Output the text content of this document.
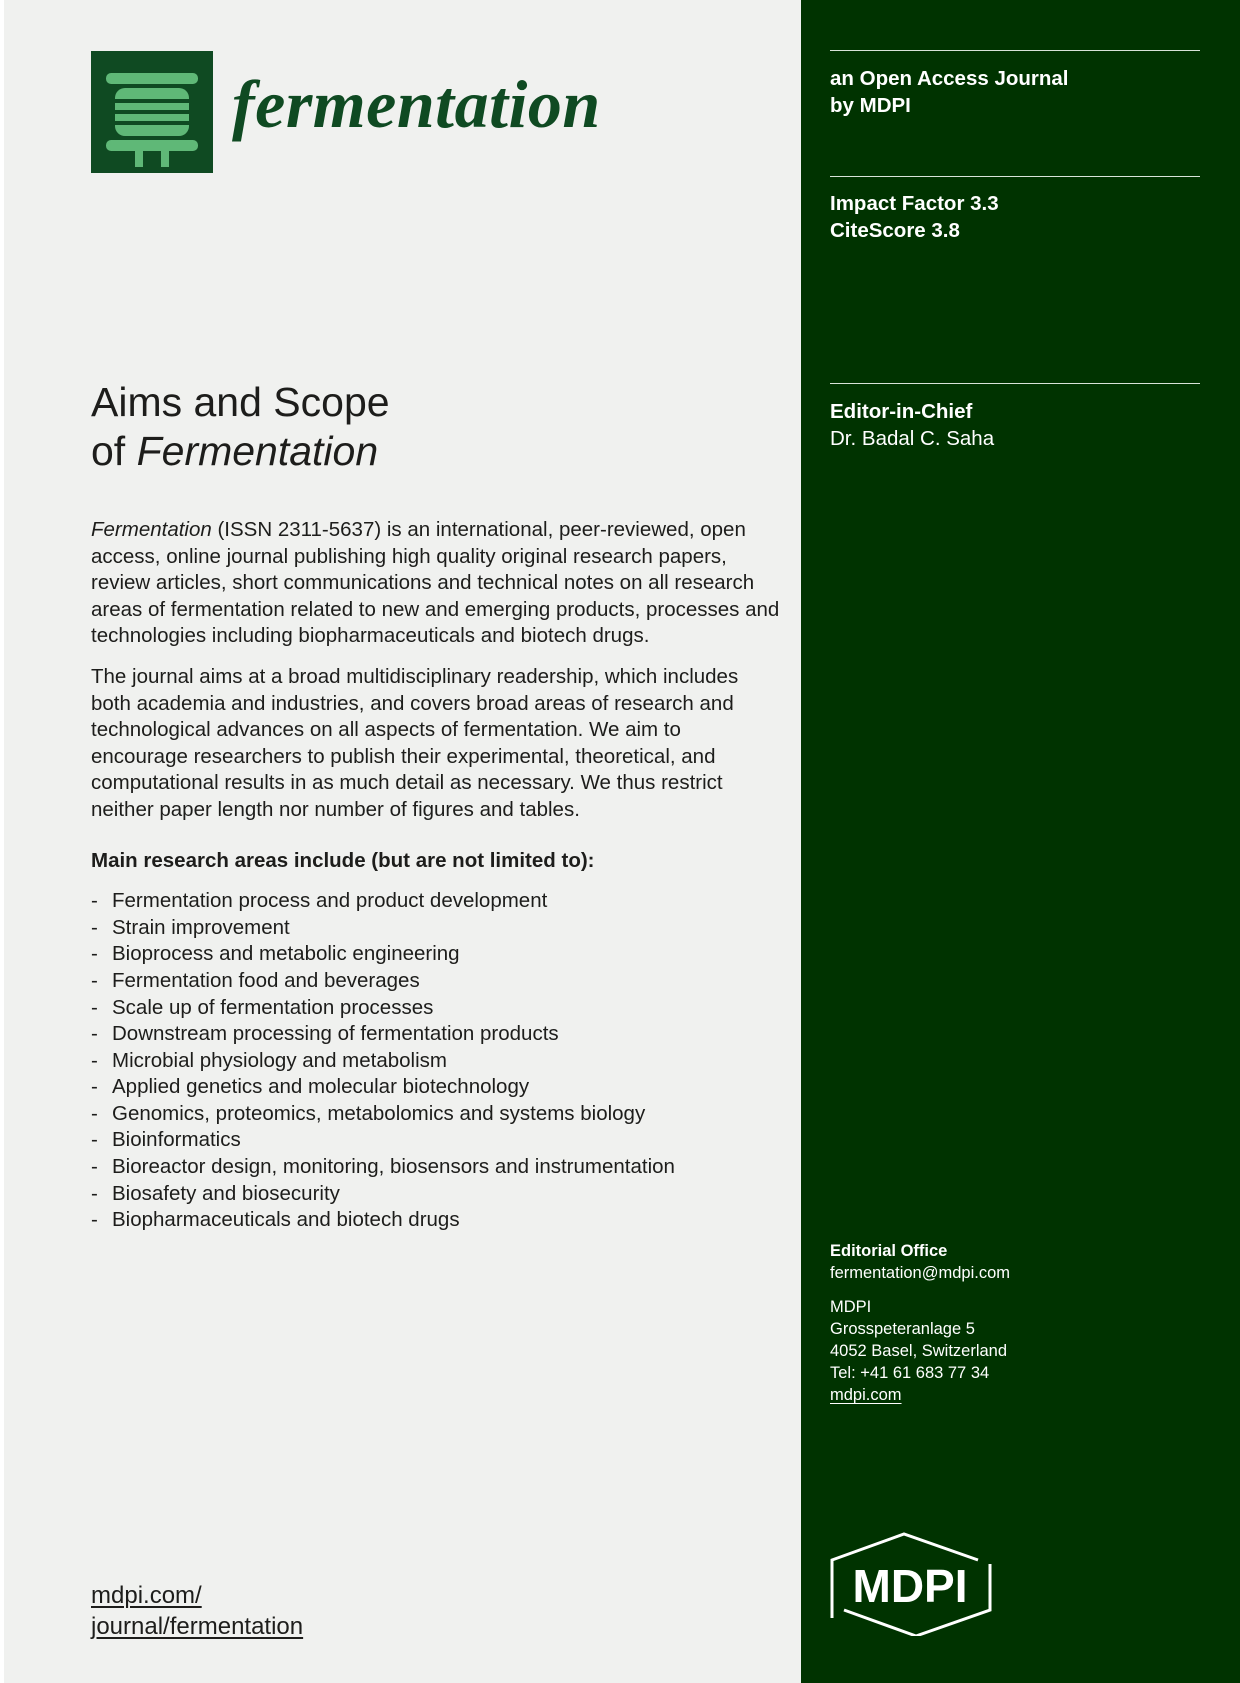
fermentation
Aims and Scope
of Fermentation

Fermentation (ISSN 2311-5637) is an international, peer-reviewed, open access, online journal publishing high quality original research papers, review articles, short communications and technical notes on all research areas of fermentation related to new and emerging products, processes and technologies including biopharmaceuticals and biotech drugs.

The journal aims at a broad multidisciplinary readership, which includes both academia and industries, and covers broad areas of research and technological advances on all aspects of fermentation. We aim to encourage researchers to publish their experimental, theoretical, and computational results in as much detail as necessary. We thus restrict neither paper length nor number of figures and tables.

Main research areas include (but are not limited to):

- Fermentation process and product development
- Strain improvement
- Bioprocess and metabolic engineering
- Fermentation food and beverages
- Scale up of fermentation processes
- Downstream processing of fermentation products
- Microbial physiology and metabolism
- Applied genetics and molecular biotechnology
- Genomics, proteomics, metabolomics and systems biology
- Bioinformatics
- Bioreactor design, monitoring, biosensors and instrumentation
- Biosafety and biosecurity
- Biopharmaceuticals and biotech drugs
mdpi.com/
journal/fermentation
an Open Access Journal
by MDPI
Impact Factor 3.3
CiteScore 3.8
Editor-in-Chief
Dr. Badal C. Saha
Editorial Office
fermentation@mdpi.com
MDPI
Grosspeteranlage 5
4052 Basel, Switzerland
Tel: +41 61 683 77 34
mdpi.com
MDPI
